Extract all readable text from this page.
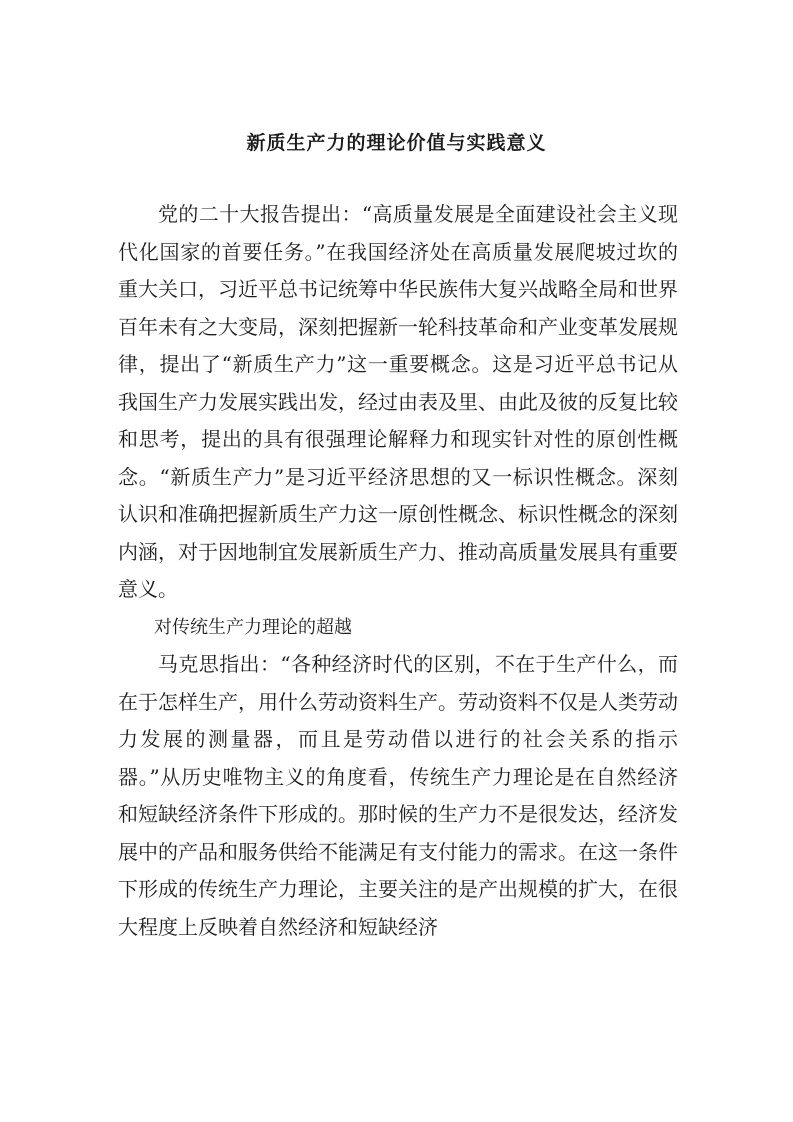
新质生产力的理论价值与实践意义

党的二十大报告提出：“高质量发展是全面建设社会主义现代化国家的首要任务。”在我国经济处在高质量发展爬坡过坎的重大关口，习近平总书记统筹中华民族伟大复兴战略全局和世界百年未有之大变局，深刻把握新一轮科技革命和产业变革发展规律，提出了“新质生产力”这一重要概念。这是习近平总书记从我国生产力发展实践出发，经过由表及里、由此及彼的反复比较和思考，提出的具有很强理论解释力和现实针对性的原创性概念。“新质生产力”是习近平经济思想的又一标识性概念。深刻认识和准确把握新质生产力这一原创性概念、标识性概念的深刻内涵，对于因地制宜发展新质生产力、推动高质量发展具有重要意义。

对传统生产力理论的超越

马克思指出：“各种经济时代的区别，不在于生产什么，而在于怎样生产，用什么劳动资料生产。劳动资料不仅是人类劳动力发展的测量器，而且是劳动借以进行的社会关系的指示器。”从历史唯物主义的角度看，传统生产力理论是在自然经济和短缺经济条件下形成的。那时候的生产力不是很发达，经济发展中的产品和服务供给不能满足有支付能力的需求。在这一条件下形成的传统生产力理论，主要关注的是产出规模的扩大，在很大程度上反映着自然经济和短缺经济
